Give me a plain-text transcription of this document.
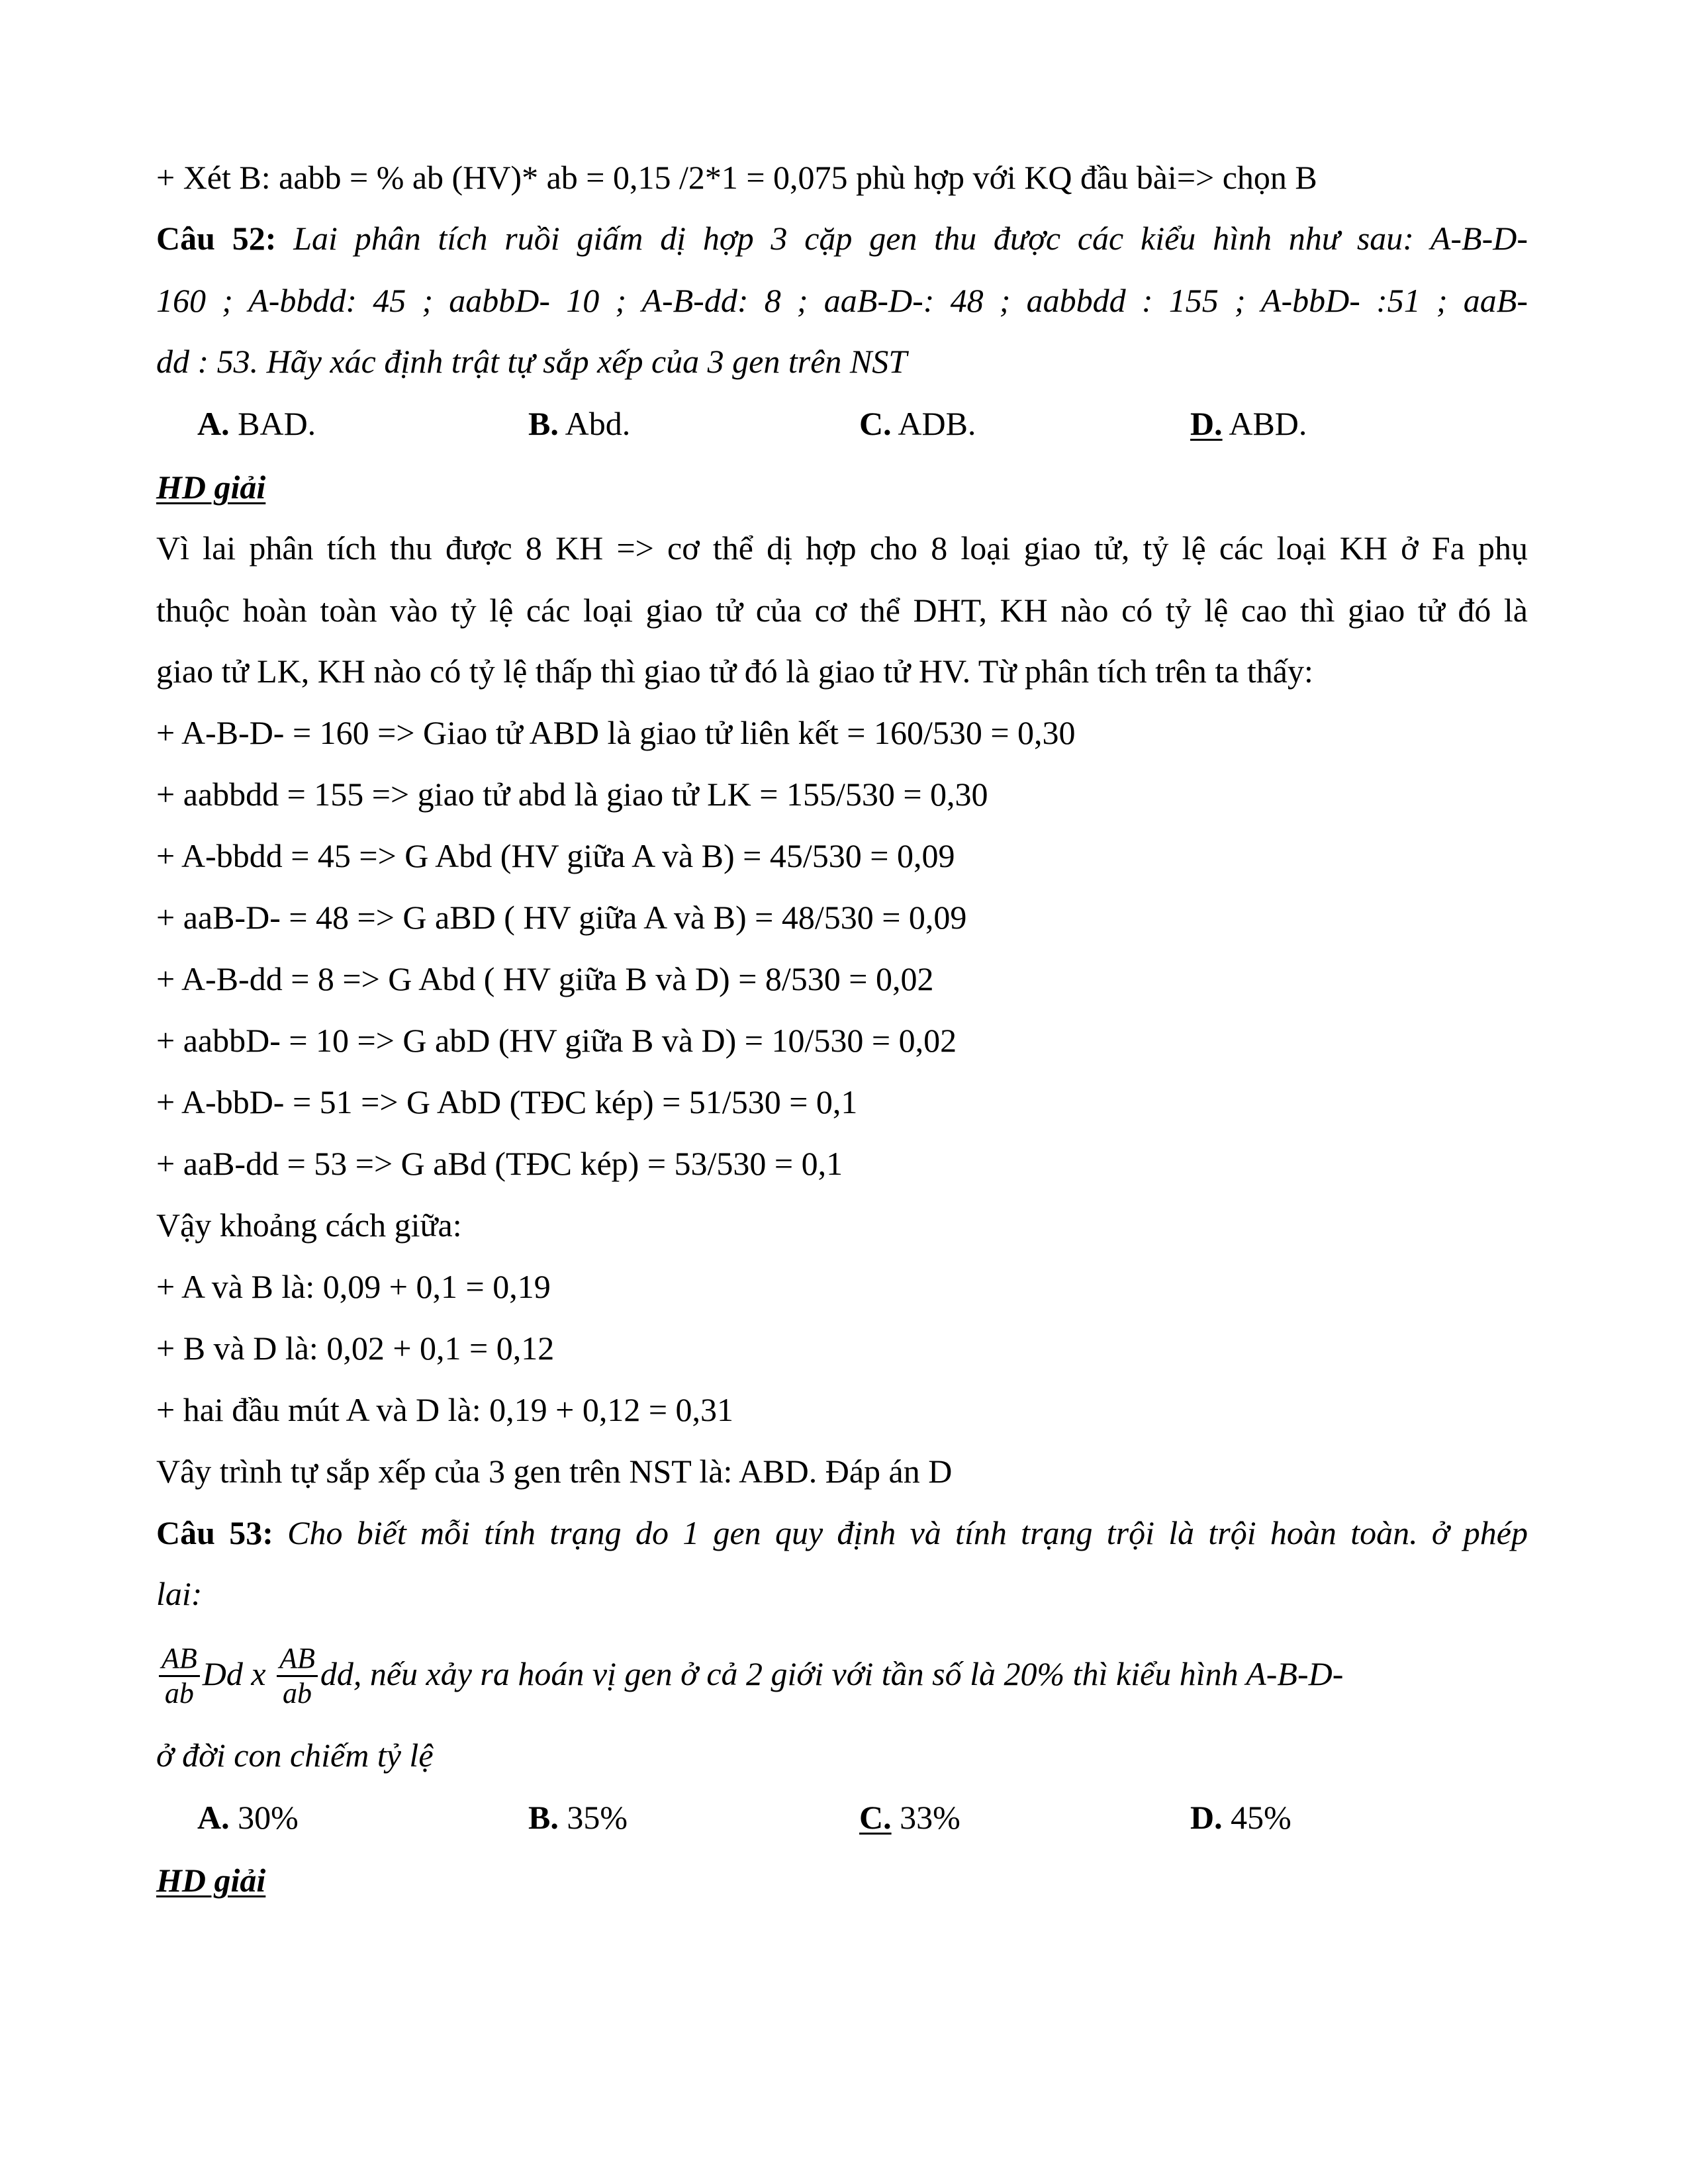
+ Xét B: aabb = % ab (HV)* ab = 0,15 /2*1 = 0,075 phù hợp với KQ đầu bài=> chọn B
Câu 52: Lai phân tích ruồi giấm dị hợp 3 cặp gen thu được các kiểu hình như sau: A-B-D-
160 ; A-bbdd: 45 ; aabbD- 10 ; A-B-dd: 8 ; aaB-D-: 48 ; aabbdd : 155 ; A-bbD- :51 ; aaB-
dd : 53. Hãy xác định trật tự sắp xếp của 3 gen trên NST
A. BAD.	B. Abd.	C. ADB.	D. ABD.
HD giải
Vì lai phân tích thu được 8 KH => cơ thể dị hợp cho 8 loại giao tử, tỷ lệ các loại KH ở Fa phụ
thuộc hoàn toàn vào tỷ lệ các loại giao tử của cơ thể DHT, KH nào có tỷ lệ cao thì giao tử đó là
giao tử LK, KH nào có tỷ lệ thấp thì giao tử đó là giao tử HV. Từ phân tích trên ta thấy:
+ A-B-D- = 160 => Giao tử ABD là giao tử liên kết = 160/530 = 0,30
+ aabbdd = 155 => giao tử abd là giao tử LK = 155/530 = 0,30
+ A-bbdd = 45 => G Abd (HV giữa A và B) = 45/530 = 0,09
+ aaB-D- = 48 => G aBD ( HV giữa A và B) = 48/530 = 0,09
+ A-B-dd = 8 => G Abd ( HV giữa B và D) = 8/530 = 0,02
+ aabbD- = 10 => G abD (HV giữa B và D) = 10/530 = 0,02
+ A-bbD- = 51 => G AbD (TĐC kép) = 51/530 = 0,1
+ aaB-dd = 53 => G aBd (TĐC kép) = 53/530 = 0,1
Vậy khoảng cách giữa:
+ A và B là: 0,09 + 0,1 = 0,19
+ B và D là: 0,02 + 0,1 = 0,12
+ hai đầu mút A và D là: 0,19 + 0,12 = 0,31
Vây trình tự sắp xếp của 3 gen trên NST là: ABD. Đáp án D
Câu 53: Cho biết mỗi tính trạng do 1 gen quy định và tính trạng trội là trội hoàn toàn. ở phép
lai:
$\frac{AB}{ab}$ Dd x $\frac{AB}{ab}$ dd, nếu xảy ra hoán vị gen ở cả 2 giới với tần số là 20% thì kiểu hình A-B-D-
ở đời con chiếm tỷ lệ
A. 30%	B. 35%	C. 33%	D. 45%
HD giải
